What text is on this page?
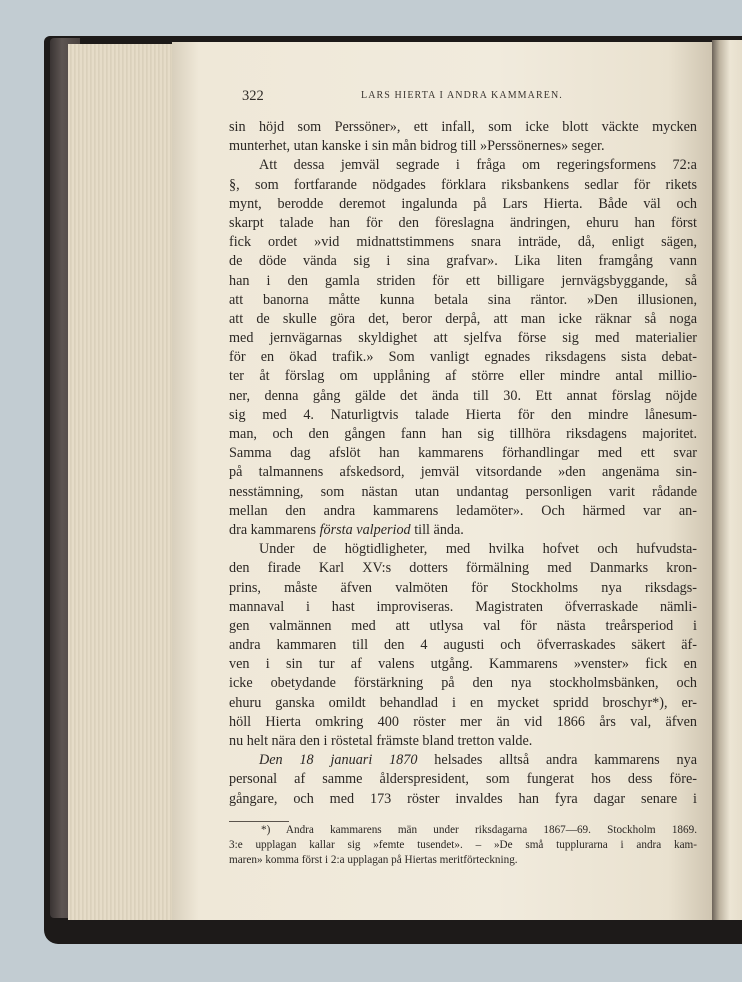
322	LARS HIERTA I ANDRA KAMMAREN.
sin höjd som Perssöner», ett infall, som icke blott väckte mycken
munterhet, utan kanske i sin mån bidrog till »Perssönernes» seger.
Att dessa jemväl segrade i fråga om regeringsformens 72:a
§, som fortfarande nödgades förklara riksbankens sedlar för rikets
mynt, berodde deremot ingalunda på Lars Hierta. Både väl och
skarpt talade han för den föreslagna ändringen, ehuru han först
fick ordet »vid midnattstimmens snara inträde, då, enligt sägen,
de döde vända sig i sina grafvar». Lika liten framgång vann
han i den gamla striden för ett billigare jernvägsbyggande, så
att banorna måtte kunna betala sina räntor. »Den illusionen,
att de skulle göra det, beror derpå, att man icke räknar så noga
med jernvägarnas skyldighet att sjelfva förse sig med materialier
för en ökad trafik.» Som vanligt egnades riksdagens sista debat-
ter åt förslag om upplåning af större eller mindre antal millio-
ner, denna gång gälde det ända till 30. Ett annat förslag nöjde
sig med 4. Naturligtvis talade Hierta för den mindre lånesum-
man, och den gången fann han sig tillhöra riksdagens majoritet.
Samma dag afslöt han kammarens förhandlingar med ett svar
på talmannens afskedsord, jemväl vitsordande »den angenäma sin-
nesstämning, som nästan utan undantag personligen varit rådande
mellan den andra kammarens ledamöter». Och härmed var an-
dra kammarens första valperiod till ända.
Under de högtidligheter, med hvilka hofvet och hufvudsta-
den firade Karl XV:s dotters förmälning med Danmarks kron-
prins, måste äfven valmöten för Stockholms nya riksdags-
mannaval i hast improviseras. Magistraten öfverraskade nämli-
gen valmännen med att utlysa val för nästa treårsperiod i
andra kammaren till den 4 augusti och öfverraskades säkert äf-
ven i sin tur af valens utgång. Kammarens »venster» fick en
icke obetydande förstärkning på den nya stockholmsbänken, och
ehuru ganska omildt behandlad i en mycket spridd broschyr*), er-
höll Hierta omkring 400 röster mer än vid 1866 års val, äfven
nu helt nära den i röstetal främste bland tretton valde.
Den 18 januari 1870 helsades alltså andra kammarens nya
personal af samme ålderspresident, som fungerat hos dess före-
gångare, och med 173 röster invaldes han fyra dagar senare i
*) Andra kammarens män under riksdagarna 1867—69. Stockholm 1869.
3:e upplagan kallar sig »femte tusendet». – »De små tupplurarna i andra kam-
maren» komma först i 2:a upplagan på Hiertas meritförteckning.
